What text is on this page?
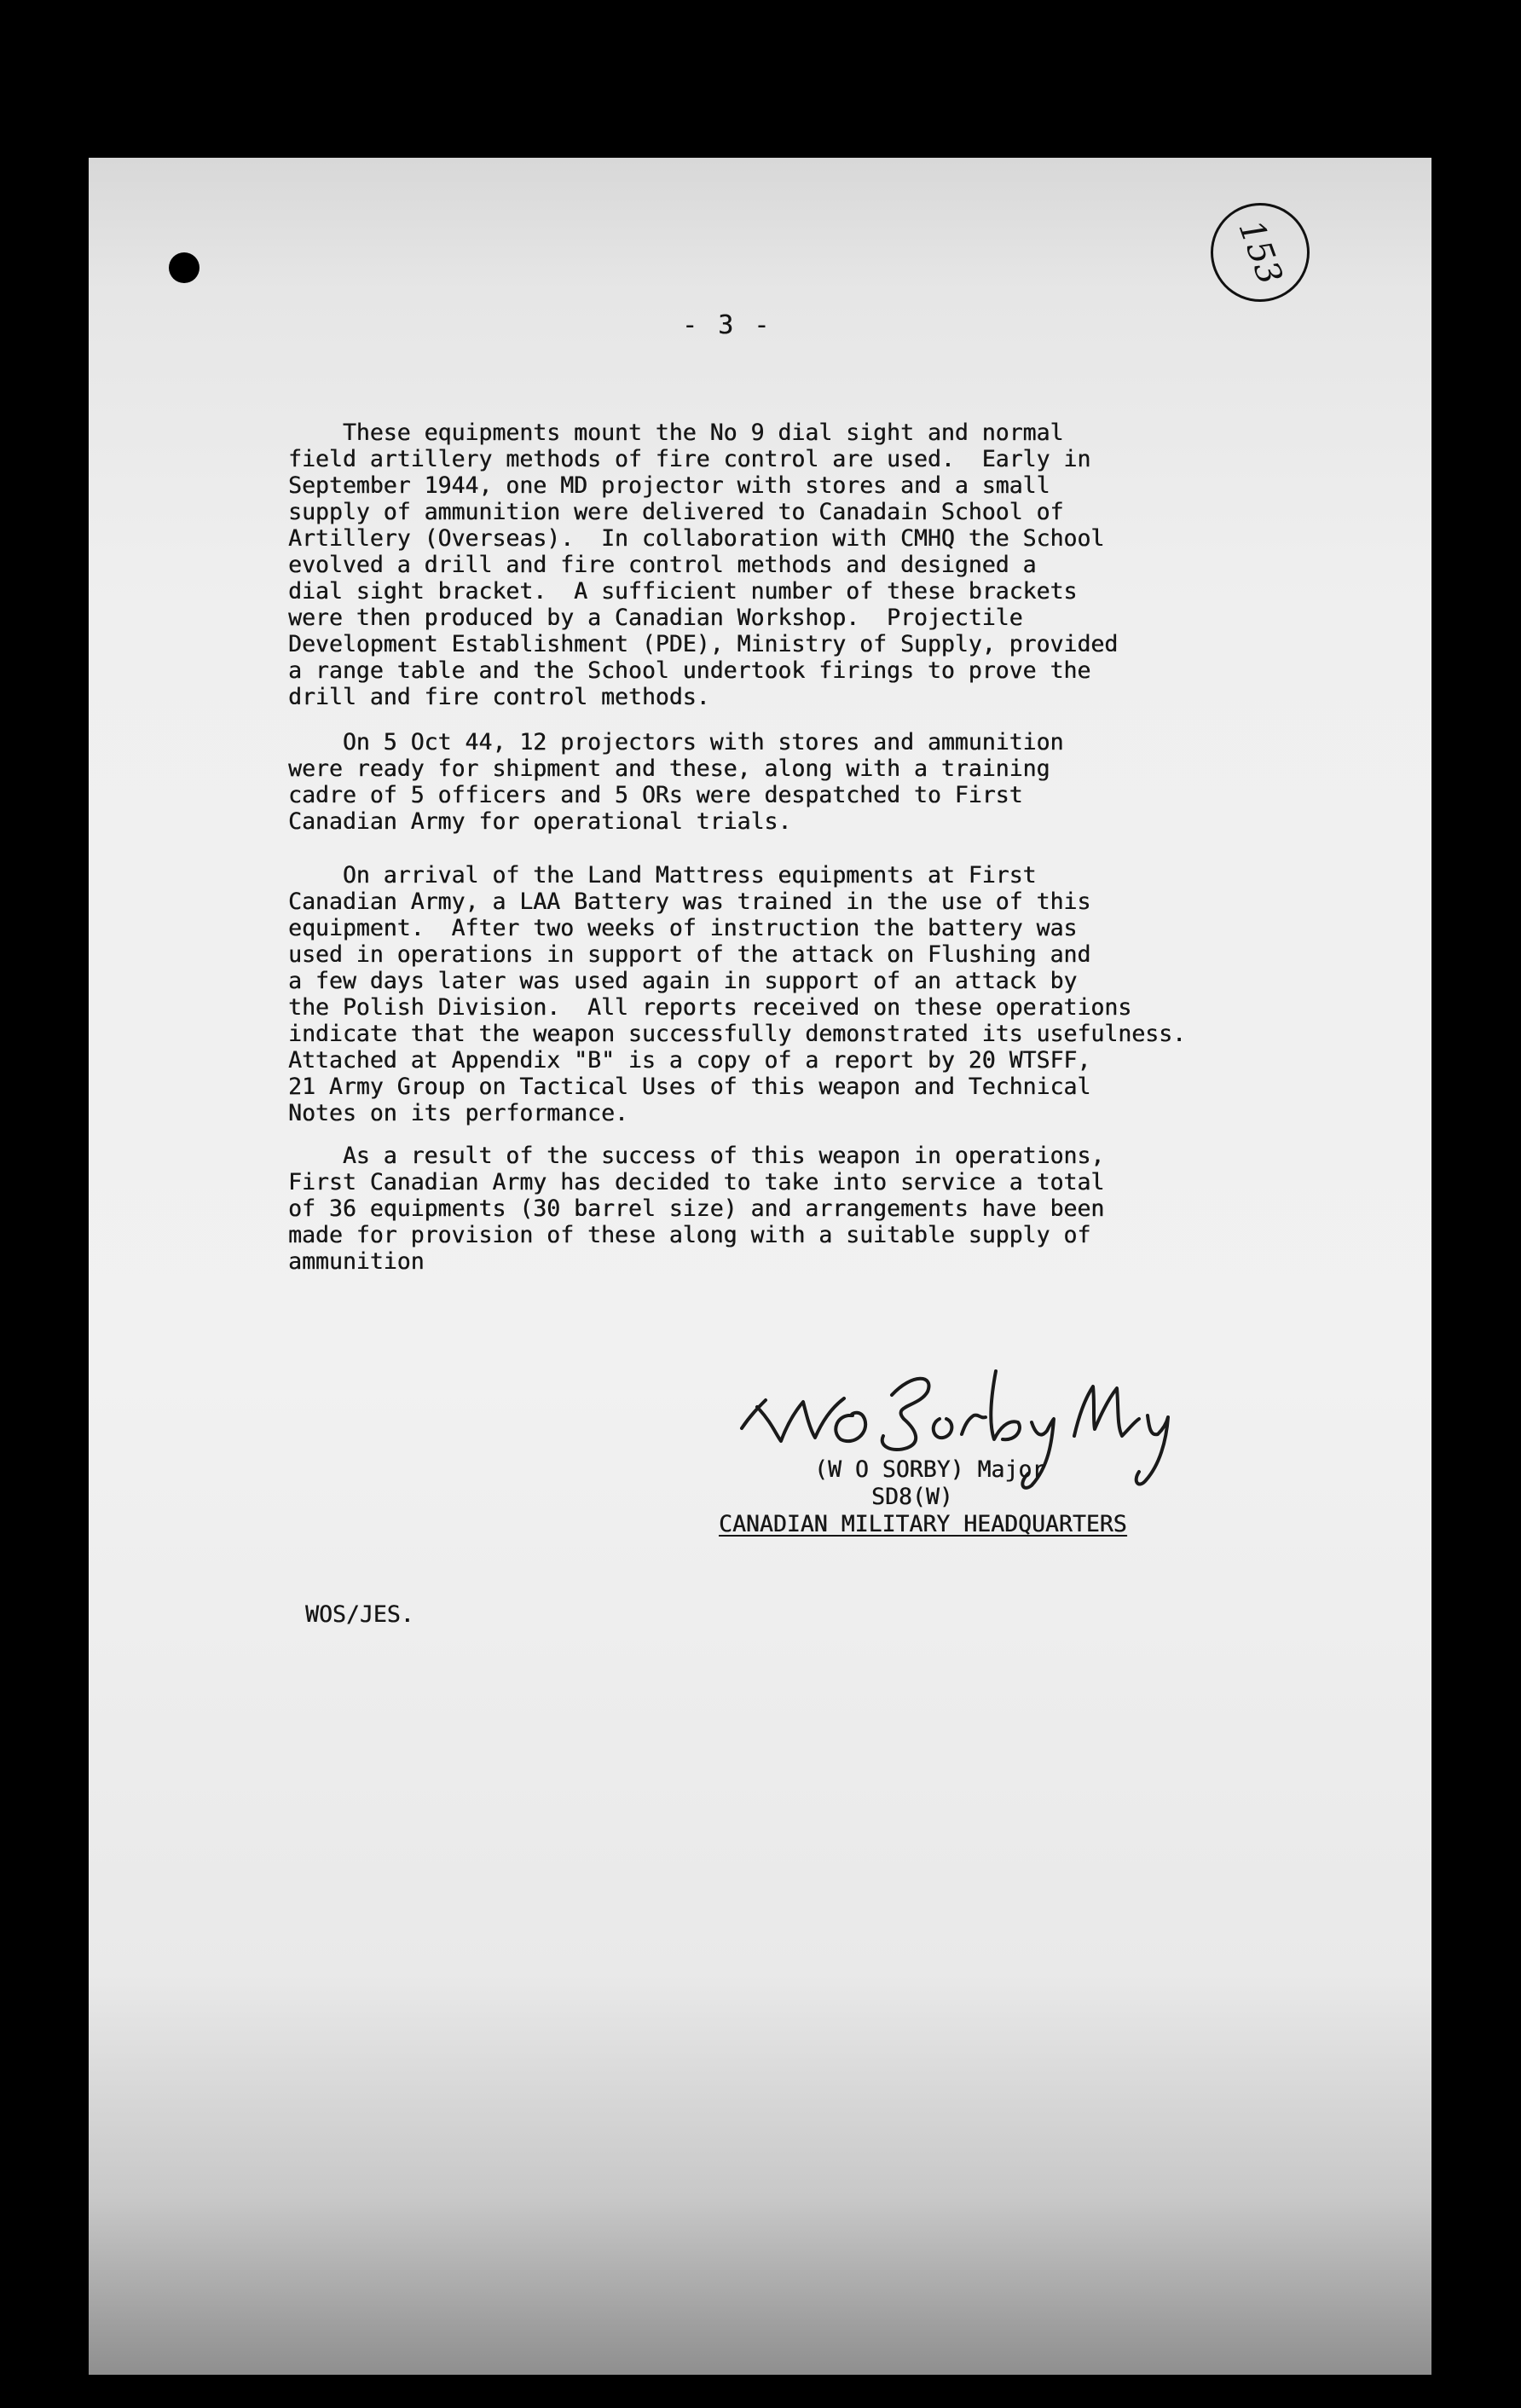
153
- 3 -

These equipments mount the No 9 dial sight and normal
field artillery methods of fire control are used.  Early in
September 1944, one MD projector with stores and a small
supply of ammunition were delivered to Canadain School of
Artillery (Overseas).  In collaboration with CMHQ the School
evolved a drill and fire control methods and designed a
dial sight bracket.  A sufficient number of these brackets
were then produced by a Canadian Workshop.  Projectile
Development Establishment (PDE), Ministry of Supply, provided
a range table and the School undertook firings to prove the
drill and fire control methods.

On 5 Oct 44, 12 projectors with stores and ammunition
were ready for shipment and these, along with a training
cadre of 5 officers and 5 ORs were despatched to First
Canadian Army for operational trials.

On arrival of the Land Mattress equipments at First
Canadian Army, a LAA Battery was trained in the use of this
equipment.  After two weeks of instruction the battery was
used in operations in support of the attack on Flushing and
a few days later was used again in support of an attack by
the Polish Division.  All reports received on these operations
indicate that the weapon successfully demonstrated its usefulness.
Attached at Appendix "B" is a copy of a report by 20 WTSFF,
21 Army Group on Tactical Uses of this weapon and Technical
Notes on its performance.

As a result of the success of this weapon in operations,
First Canadian Army has decided to take into service a total
of 36 equipments (30 barrel size) and arrangements have been
made for provision of these along with a suitable supply of
ammunition

(W O SORBY) Major
SD8(W)
CANADIAN MILITARY HEADQUARTERS
WOS/JES.
